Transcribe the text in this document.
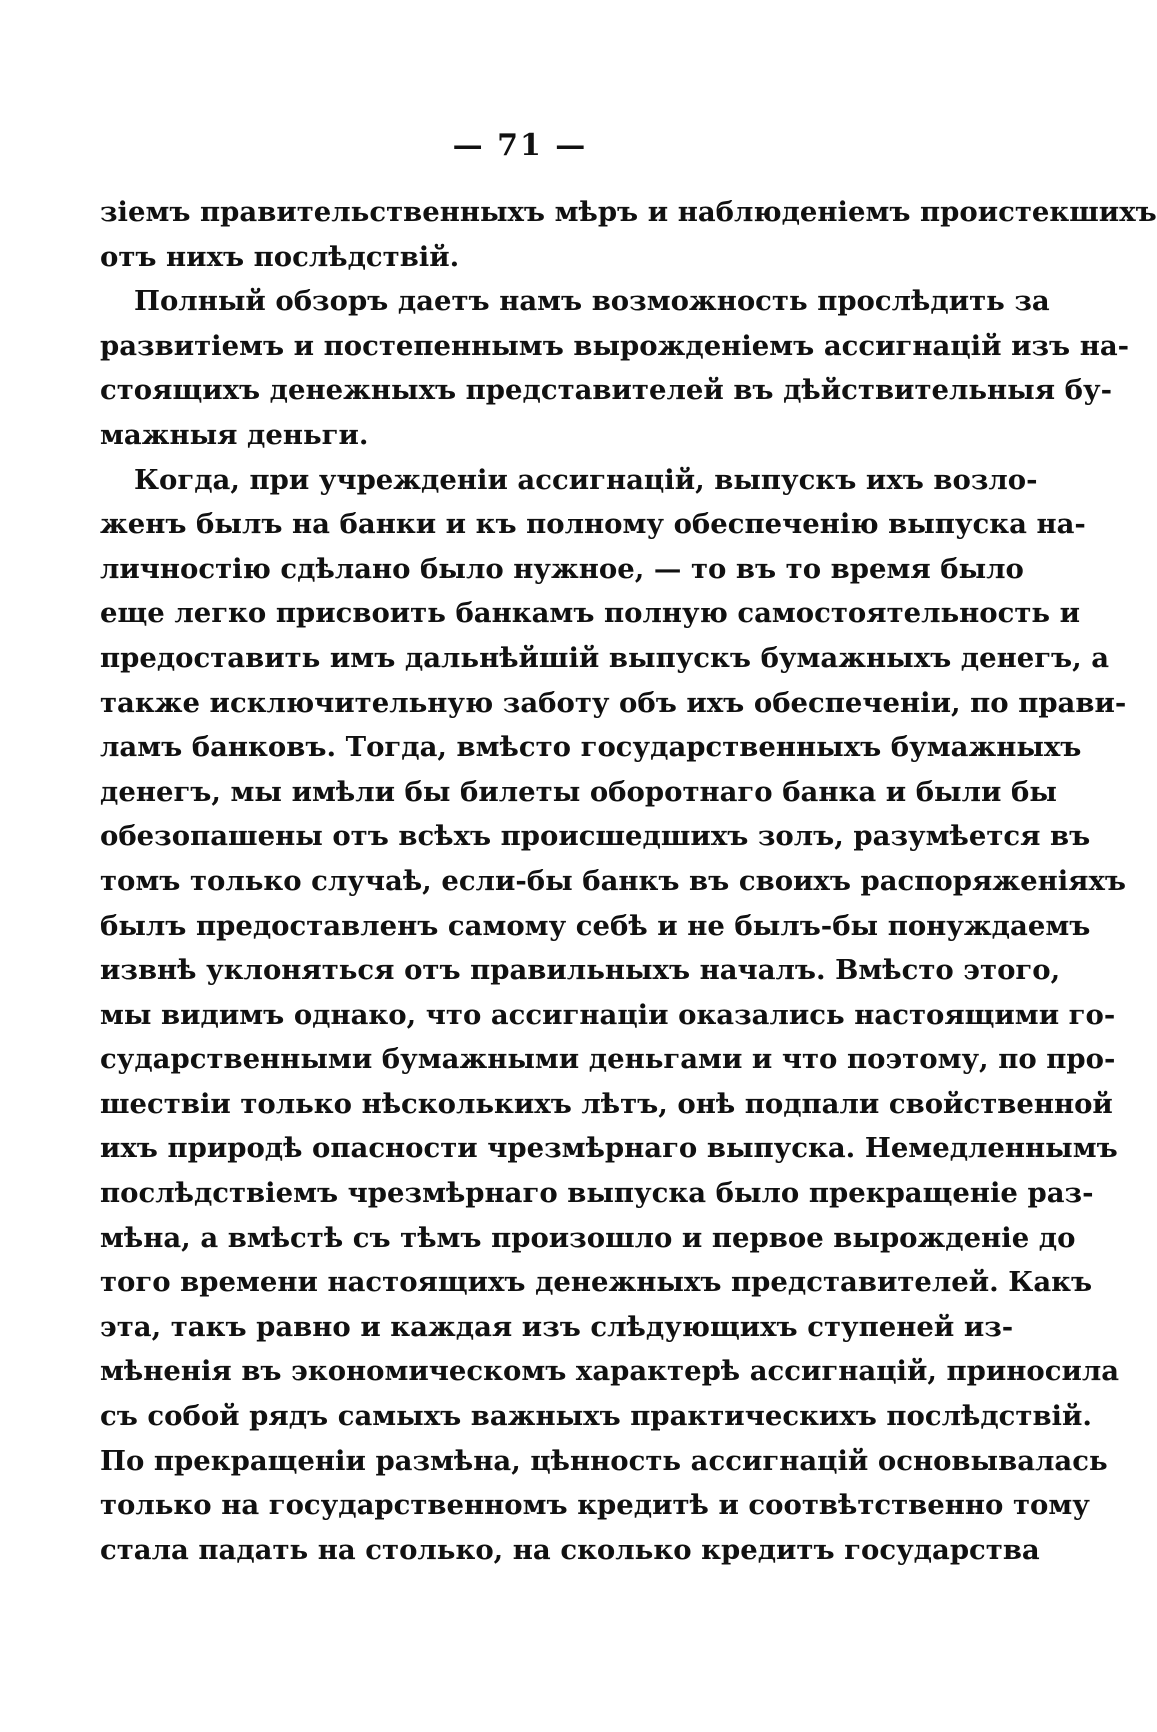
— 71 —
зіемъ правительственныхъ мѣръ и наблюденіемъ проистекшихъ
отъ нихъ послѣдствій.
Полный обзоръ даетъ намъ возможность прослѣдить за
развитіемъ и постепеннымъ вырожденіемъ ассигнацій изъ на-
стоящихъ денежныхъ представителей въ дѣйствительныя бу-
мажныя деньги.
Когда, при учрежденіи ассигнацій, выпускъ ихъ возло-
женъ былъ на банки и къ полному обеспеченію выпуска на-
личностію сдѣлано было нужное, — то въ то время было
еще легко присвоить банкамъ полную самостоятельность и
предоставить имъ дальнѣйшій выпускъ бумажныхъ денегъ, а
также исключительную заботу объ ихъ обеспеченіи, по прави-
ламъ банковъ. Тогда, вмѣсто государственныхъ бумажныхъ
денегъ, мы имѣли бы билеты оборотнаго банка и были бы
обезопашены отъ всѣхъ происшедшихъ золъ, разумѣется въ
томъ только случаѣ, если-бы банкъ въ своихъ распоряженіяхъ
былъ предоставленъ самому себѣ и не былъ-бы понуждаемъ
извнѣ уклоняться отъ правильныхъ началъ. Вмѣсто этого,
мы видимъ однако, что ассигнаціи оказались настоящими го-
сударственными бумажными деньгами и что поэтому, по про-
шествіи только нѣсколькихъ лѣтъ, онѣ подпали свойственной
ихъ природѣ опасности чрезмѣрнаго выпуска. Немедленнымъ
послѣдствіемъ чрезмѣрнаго выпуска было прекращеніе раз-
мѣна, а вмѣстѣ съ тѣмъ произошло и первое вырожденіе до
того времени настоящихъ денежныхъ представителей. Какъ
эта, такъ равно и каждая изъ слѣдующихъ ступеней из-
мѣненія въ экономическомъ характерѣ ассигнацій, приносила
съ собой рядъ самыхъ важныхъ практическихъ послѣдствій.
По прекращеніи размѣна, цѣнность ассигнацій основывалась
только на государственномъ кредитѣ и соотвѣтственно тому
стала падать на столько, на сколько кредитъ государства
